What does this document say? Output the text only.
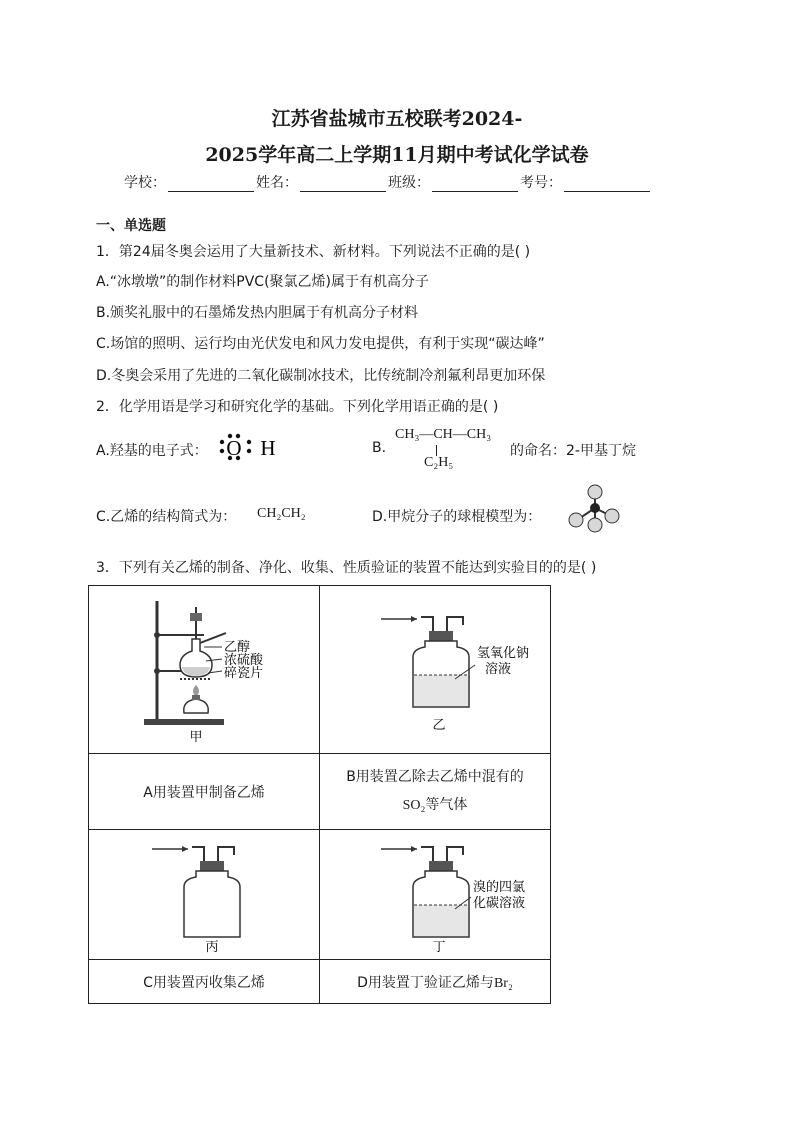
江苏省盐城市五校联考2024-
2025学年高二上学期11月期中考试化学试卷
学校：	姓名：	班级：	考号：
一、单选题
1．第24届冬奥会运用了大量新技术、新材料。下列说法不正确的是( )
A.“冰墩墩”的制作材料PVC(聚氯乙烯)属于有机高分子
B.颁奖礼服中的石墨烯发热内胆属于有机高分子材料
C.场馆的照明、运行均由光伏发电和风力发电提供，有利于实现“碳达峰”
D.冬奥会采用了先进的二氧化碳制冰技术，比传统制冷剂氟利昂更加环保
2．化学用语是学习和研究化学的基础。下列化学用语正确的是( )
A.羟基的电子式： O H	B.
CH₃—CH—CH₃
C₂H₅
的命名：2-甲基丁烷
C.乙烯的结构简式为： CH₂CH₂	D.甲烷分子的球棍模型为：
3．下列有关乙烯的制备、净化、收集、性质验证的装置不能达到实验目的的是( )
乙醇
浓硫酸
碎瓷片
甲	氢氧化钠
溶液
乙

A用装置甲制备乙烯	B用装置乙除去乙烯中混有的
SO₂等气体

丙	溴的四氯
化碳溶液
丁

C用装置丙收集乙烯	D用装置丁验证乙烯与Br₂
